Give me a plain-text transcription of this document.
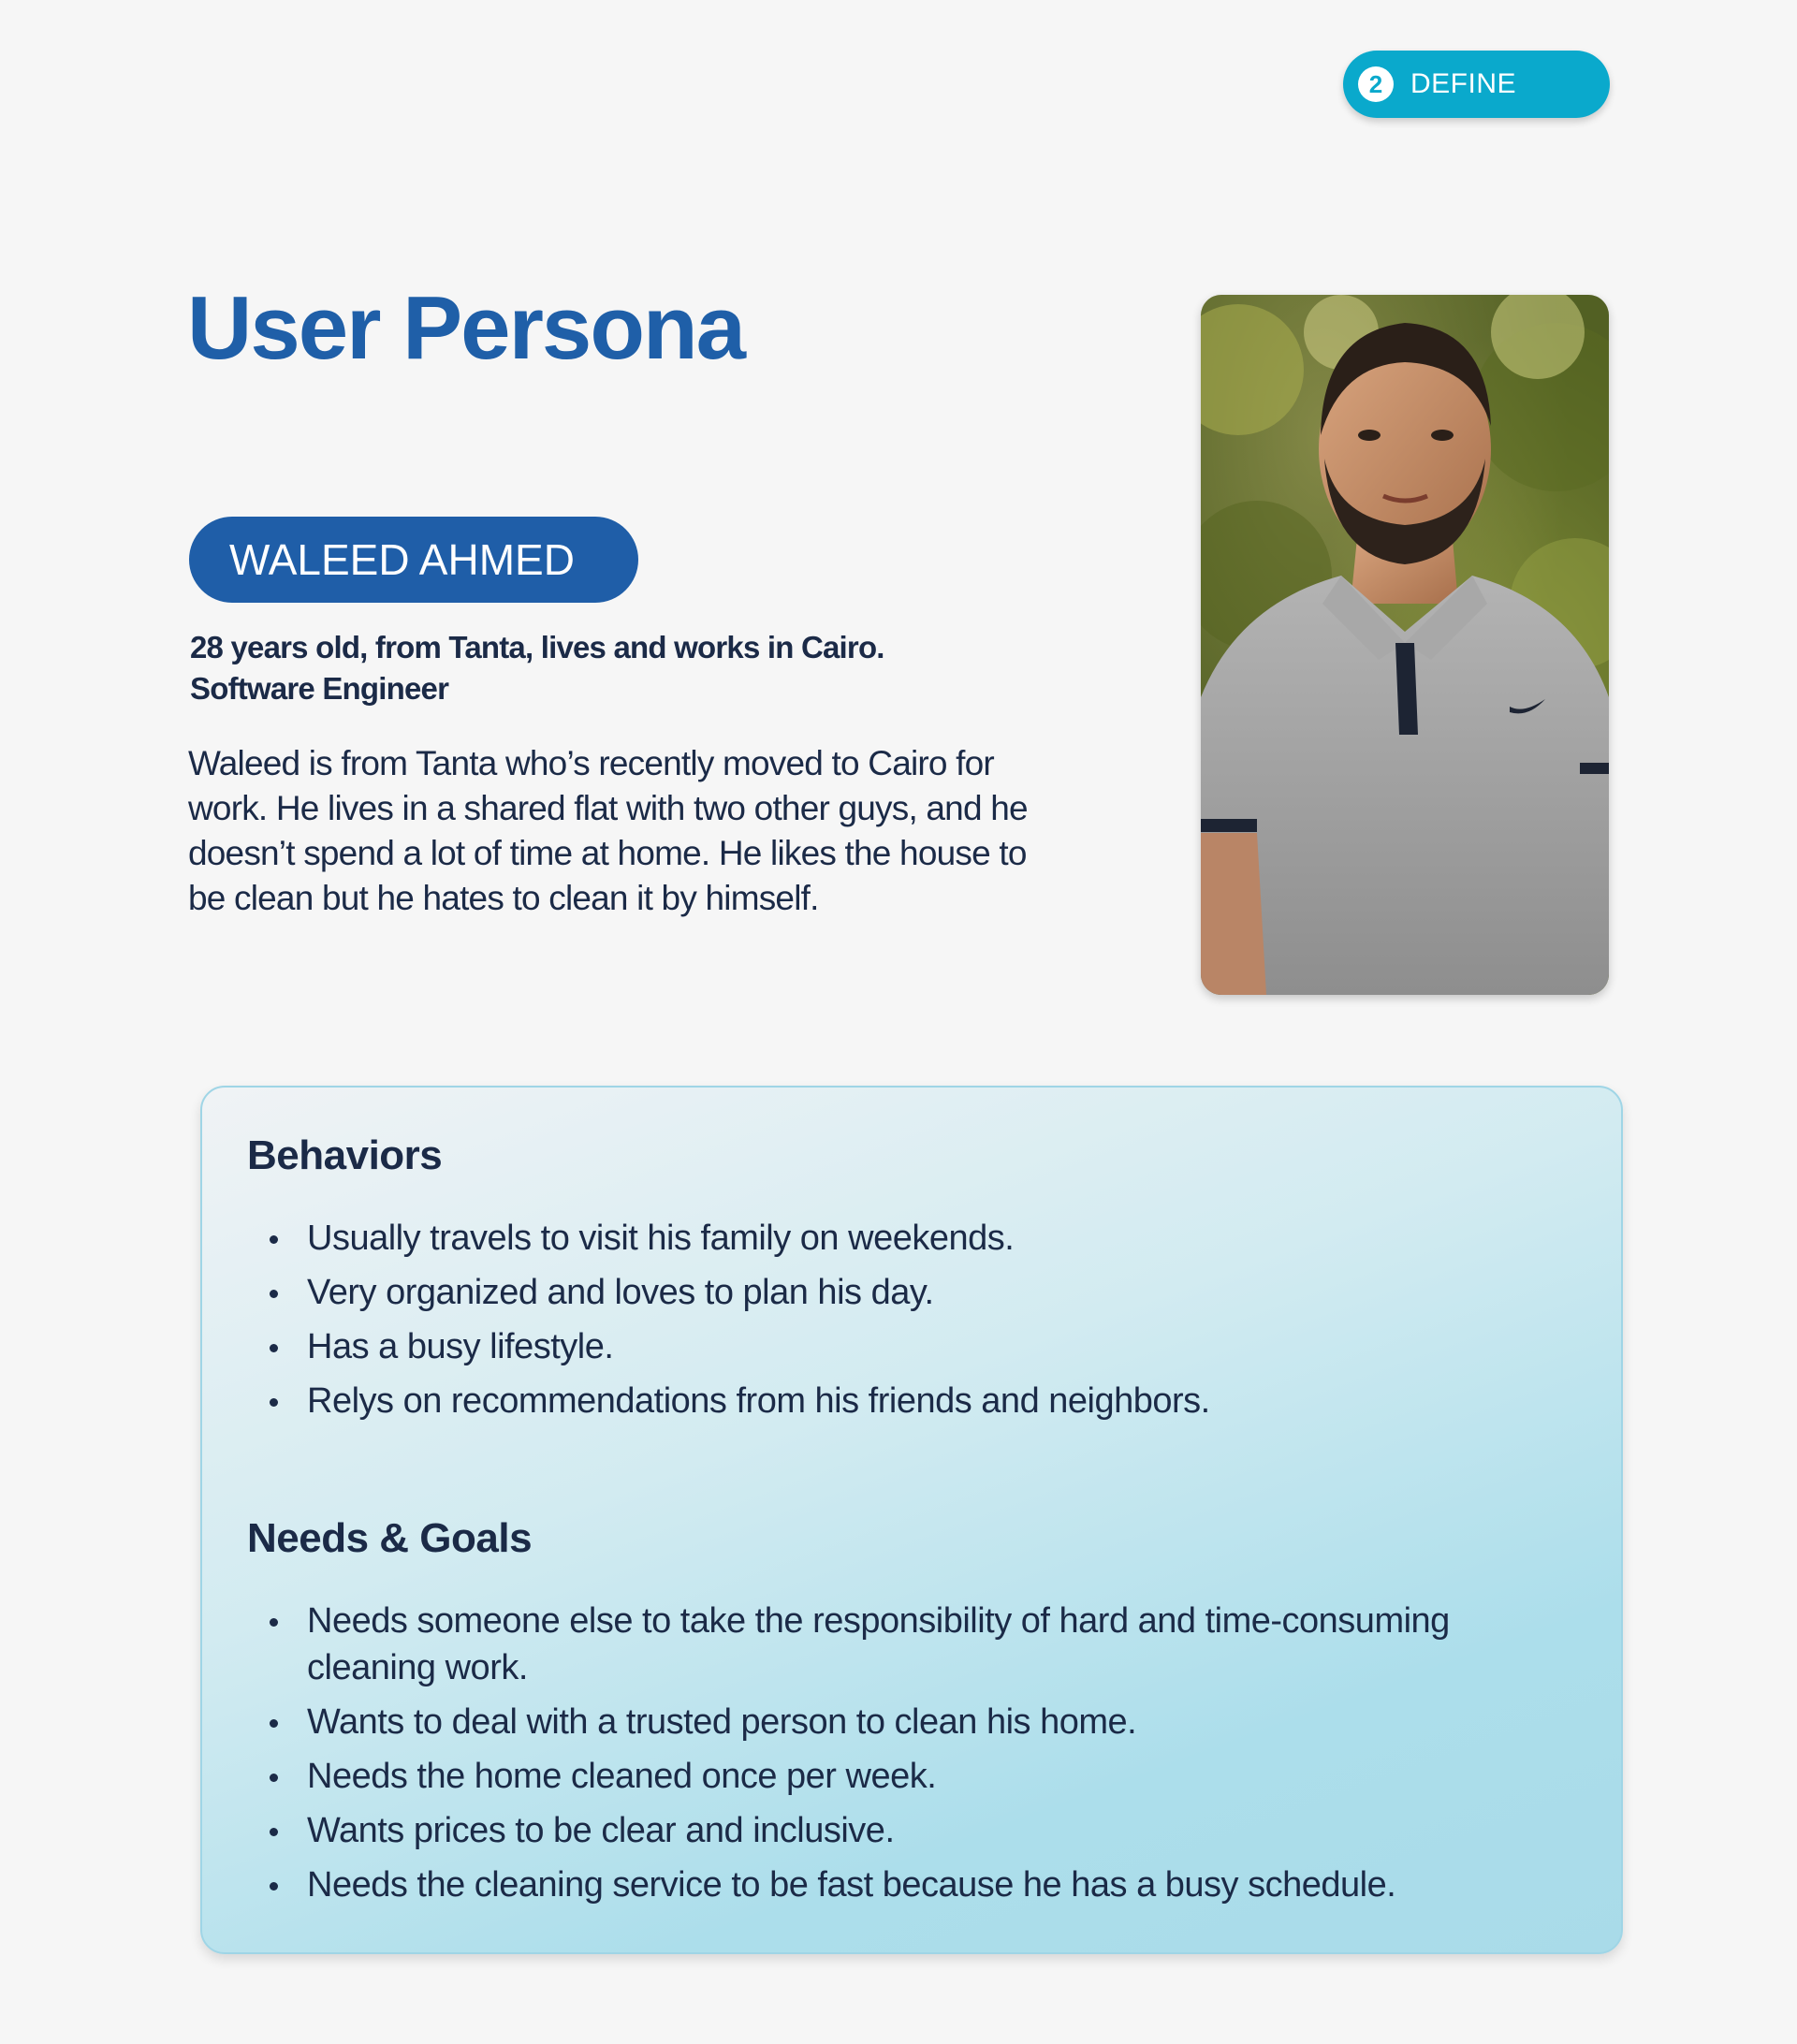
2 DEFINE
User Persona
WALEED AHMED
28 years old, from Tanta, lives and works in Cairo.
Software Engineer

Waleed is from Tanta who’s recently moved to Cairo for work. He lives in a shared flat with two other guys, and he doesn’t spend a lot of time at home. He likes the house to be clean but he hates to clean it by himself.

Behaviors
Usually travels to visit his family on weekends.
Very organized and loves to plan his day.
Has a busy lifestyle.
Relys on recommendations from his friends and neighbors.
Needs & Goals
Needs someone else to take the responsibility of hard and time-consuming cleaning work.
Wants to deal with a trusted person to clean his home.
Needs the home cleaned once per week.
Wants prices to be clear and inclusive.
Needs the cleaning service to be fast because he has a busy schedule.
